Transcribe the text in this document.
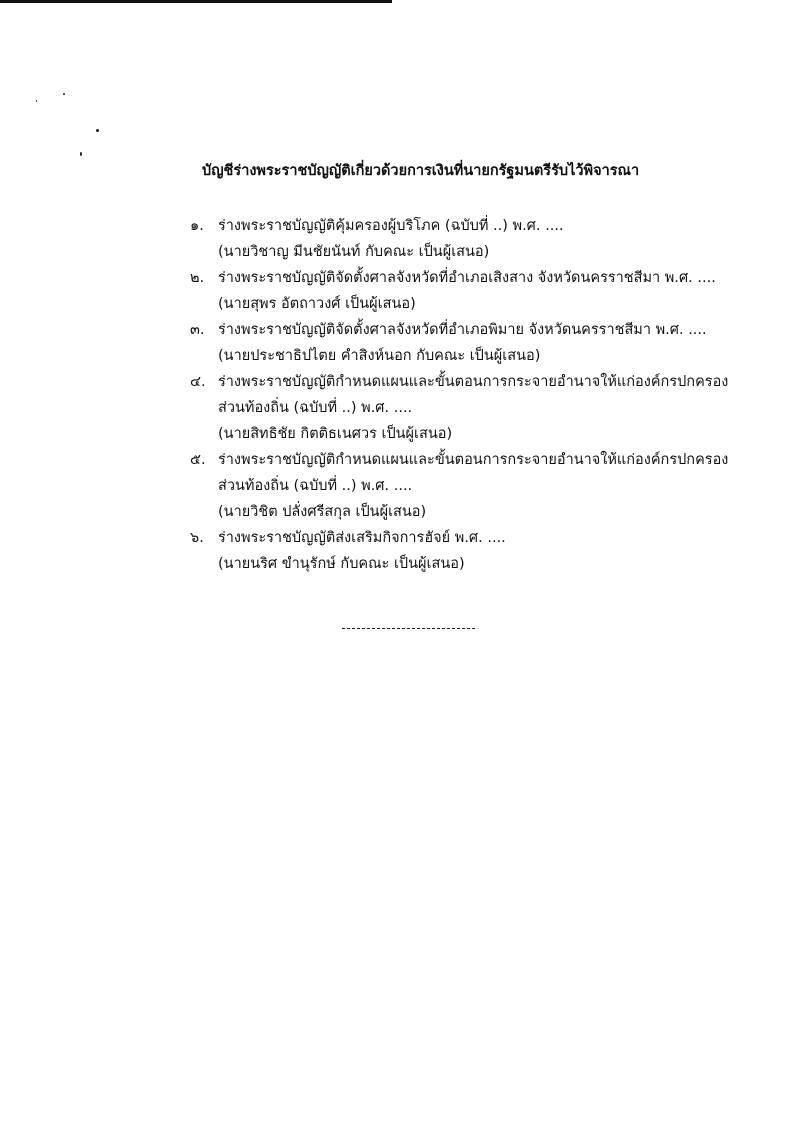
บัญชีร่างพระราชบัญญัติเกี่ยวด้วยการเงินที่นายกรัฐมนตรีรับไว้พิจารณา
๑. ร่างพระราชบัญญัติคุ้มครองผู้บริโภค (ฉบับที่ ..) พ.ศ. ....
(นายวิชาญ มีนชัยนันท์ กับคณะ เป็นผู้เสนอ)
๒. ร่างพระราชบัญญัติจัดตั้งศาลจังหวัดที่อำเภอเสิงสาง จังหวัดนครราชสีมา พ.ศ. ....
(นายสุพร อัตถาวงศ์ เป็นผู้เสนอ)
๓. ร่างพระราชบัญญัติจัดตั้งศาลจังหวัดที่อำเภอพิมาย จังหวัดนครราชสีมา พ.ศ. ....
(นายประชาธิปไตย คำสิงห์นอก กับคณะ เป็นผู้เสนอ)
๔. ร่างพระราชบัญญัติกำหนดแผนและขั้นตอนการกระจายอำนาจให้แก่องค์กรปกครอง
ส่วนท้องถิ่น (ฉบับที่ ..) พ.ศ. ....
(นายสิทธิชัย กิตติธเนศวร เป็นผู้เสนอ)
๕. ร่างพระราชบัญญัติกำหนดแผนและขั้นตอนการกระจายอำนาจให้แก่องค์กรปกครอง
ส่วนท้องถิ่น (ฉบับที่ ..) พ.ศ. ....
(นายวิชิต ปลั่งศรีสกุล เป็นผู้เสนอ)
๖. ร่างพระราชบัญญัติส่งเสริมกิจการฮัจย์ พ.ศ. ....
(นายนริศ ขำนุรักษ์ กับคณะ เป็นผู้เสนอ)
